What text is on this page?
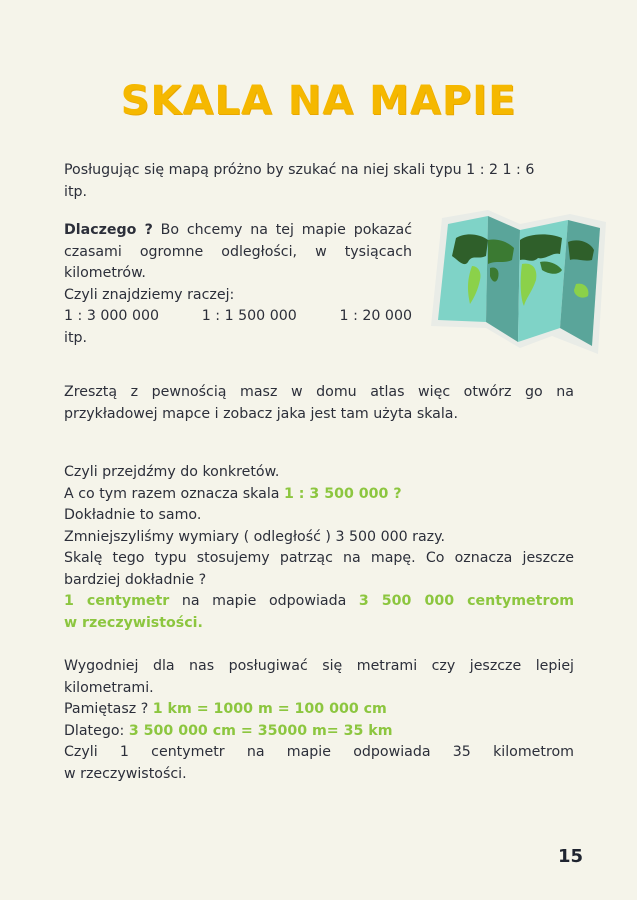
SKALA NA MAPIE
Posługując się mapą próżno by szukać na niej skali typu 1 : 2 1 : 6
itp.
Dlaczego ? Bo chcemy na tej mapie pokazać
czasami ogromne odległości, w tysiącach
kilometrów.
Czyli znajdziemy raczej:
1 : 3 000 000	1 : 1 500 000	1 : 20 000
itp.
Zresztą z pewnością masz w domu atlas więc otwórz go na
przykładowej mapce i zobacz jaka jest tam użyta skala.
Czyli przejdźmy do konkretów.
A co tym razem oznacza skala 1 : 3 500 000 ?
Dokładnie to samo.
Zmniejszyliśmy wymiary ( odległość ) 3 500 000 razy.
Skalę tego typu stosujemy patrząc na mapę. Co oznacza jeszcze
bardziej dokładnie ?
1 centymetr na mapie odpowiada 3 500 000 centymetrom
w rzeczywistości.
Wygodniej dla nas posługiwać się metrami czy jeszcze lepiej
kilometrami.
Pamiętasz ? 1 km = 1000 m = 100 000 cm
Dlatego: 3 500 000 cm = 35000 m= 35 km
Czyli 1 centymetr na mapie odpowiada 35 kilometrom
w rzeczywistości.
15
